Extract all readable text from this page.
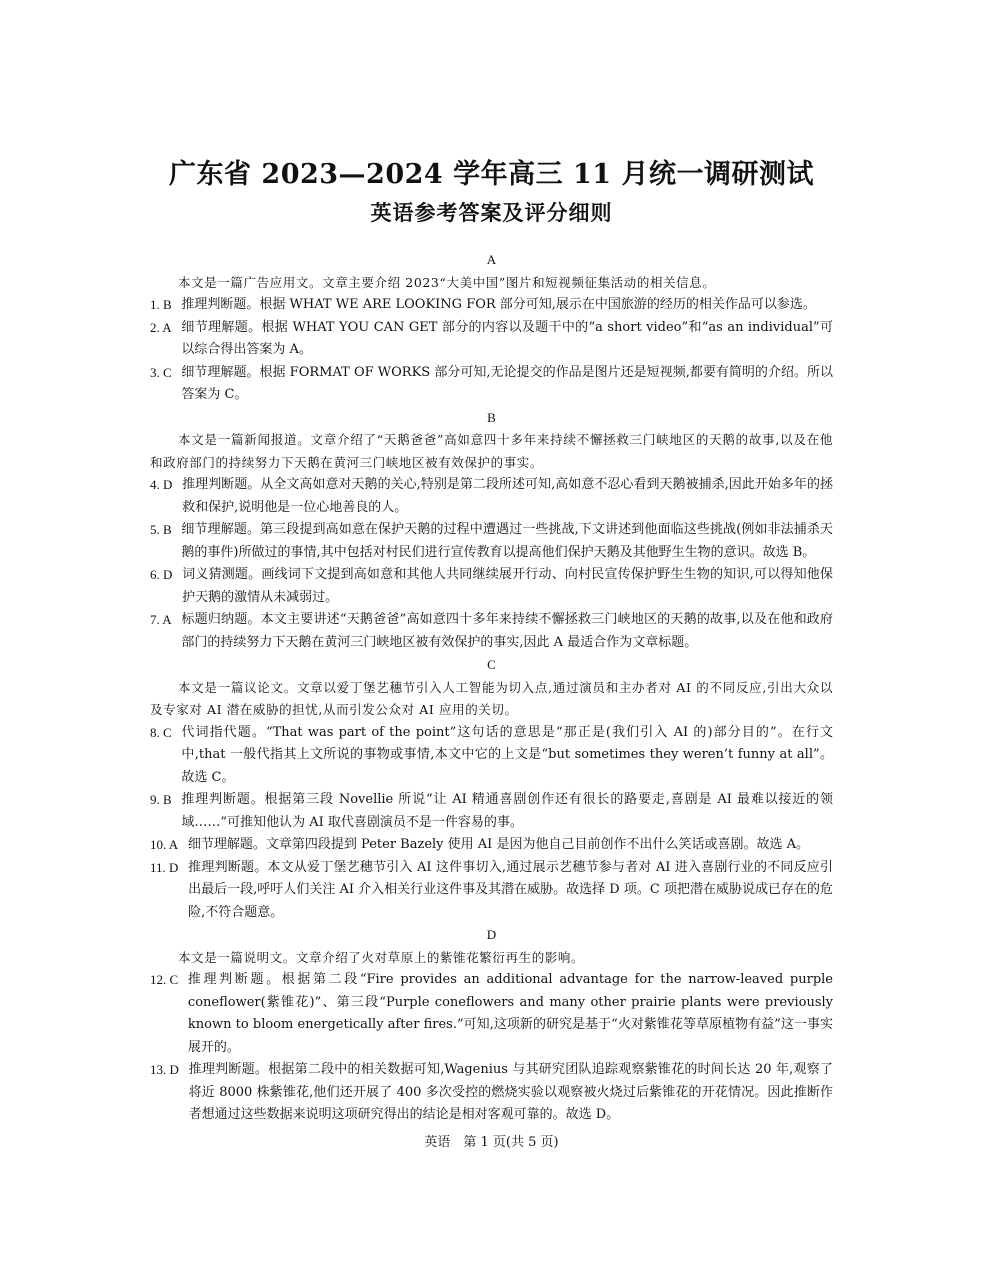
广东省 2023—2024 学年高三 11 月统一调研测试
英语参考答案及评分细则

A

本文是一篇广告应用文。文章主要介绍 2023“大美中国”图片和短视频征集活动的相关信息。

1. B
推理判断题。根据 WHAT WE ARE LOOKING FOR 部分可知,展示在中国旅游的经历的相关作品可以参选。
2. A
细节理解题。根据 WHAT YOU CAN GET 部分的内容以及题干中的“a short video”和“as an individual”可以综合得出答案为 A。
3. C
细节理解题。根据 FORMAT OF WORKS 部分可知,无论提交的作品是图片还是短视频,都要有简明的介绍。所以答案为 C。

B

本文是一篇新闻报道。文章介绍了“天鹅爸爸”高如意四十多年来持续不懈拯救三门峡地区的天鹅的故事,以及在他和政府部门的持续努力下天鹅在黄河三门峡地区被有效保护的事实。

4. D
推理判断题。从全文高如意对天鹅的关心,特别是第二段所述可知,高如意不忍心看到天鹅被捕杀,因此开始多年的拯救和保护,说明他是一位心地善良的人。
5. B
细节理解题。第三段提到高如意在保护天鹅的过程中遭遇过一些挑战,下文讲述到他面临这些挑战(例如非法捕杀天鹅的事件)所做过的事情,其中包括对村民们进行宣传教育以提高他们保护天鹅及其他野生生物的意识。故选 B。
6. D
词义猜测题。画线词下文提到高如意和其他人共同继续展开行动、向村民宣传保护野生生物的知识,可以得知他保护天鹅的激情从未减弱过。
7. A
标题归纳题。本文主要讲述“天鹅爸爸”高如意四十多年来持续不懈拯救三门峡地区的天鹅的故事,以及在他和政府部门的持续努力下天鹅在黄河三门峡地区被有效保护的事实,因此 A 最适合作为文章标题。

C

本文是一篇议论文。文章以爱丁堡艺穗节引入人工智能为切入点,通过演员和主办者对 AI 的不同反应,引出大众以及专家对 AI 潜在威胁的担忧,从而引发公众对 AI 应用的关切。

8. C
代词指代题。“That was part of the point”这句话的意思是“那正是(我们引入 AI 的)部分目的”。在行文中,that 一般代指其上文所说的事物或事情,本文中它的上文是“but sometimes they weren’t funny at all”。故选 C。
9. B
推理判断题。根据第三段 Novellie 所说“让 AI 精通喜剧创作还有很长的路要走,喜剧是 AI 最难以接近的领域……”可推知他认为 AI 取代喜剧演员不是一件容易的事。
10. A
细节理解题。文章第四段提到 Peter Bazely 使用 AI 是因为他自己目前创作不出什么笑话或喜剧。故选 A。
11. D
推理判断题。本文从爱丁堡艺穗节引入 AI 这件事切入,通过展示艺穗节参与者对 AI 进入喜剧行业的不同反应引出最后一段,呼吁人们关注 AI 介入相关行业这件事及其潜在威胁。故选择 D 项。C 项把潜在威胁说成已存在的危险,不符合题意。

D

本文是一篇说明文。文章介绍了火对草原上的紫锥花繁衍再生的影响。

12. C
推理判断题。根据第二段“Fire provides an additional advantage for the narrow-leaved purple coneflower(紫锥花)”、第三段“Purple coneflowers and many other prairie plants were previously known to bloom energetically after fires.”可知,这项新的研究是基于“火对紫锥花等草原植物有益”这一事实展开的。
13. D
推理判断题。根据第二段中的相关数据可知,Wagenius 与其研究团队追踪观察紫锥花的时间长达 20 年,观察了将近 8000 株紫锥花,他们还开展了 400 多次受控的燃烧实验以观察被火烧过后紫锥花的开花情况。因此推断作者想通过这些数据来说明这项研究得出的结论是相对客观可靠的。故选 D。
英语　第 1 页(共 5 页)
